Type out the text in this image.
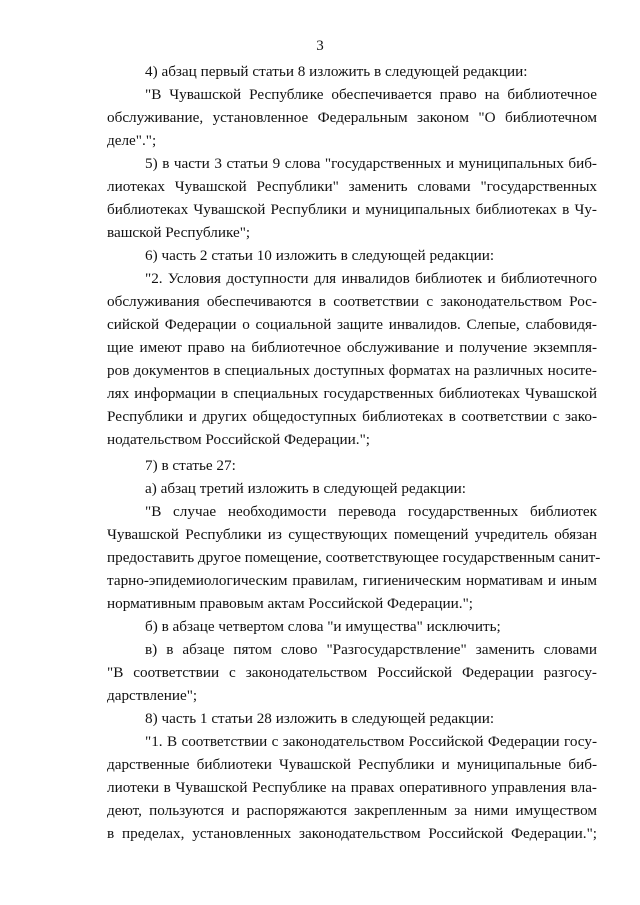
3
4) абзац первый статьи 8 изложить в следующей редакции:
"В Чувашской Республике обеспечивается право на библиотечное
обслуживание, установленное Федеральным законом "О библиотечном
деле".";
5) в части 3 статьи 9 слова "государственных и муниципальных биб-
лиотеках Чувашской Республики" заменить словами "государственных
библиотеках Чувашской Республики и муниципальных библиотеках в Чу-
вашской Республике";
6) часть 2 статьи 10 изложить в следующей редакции:
"2. Условия доступности для инвалидов библиотек и библиотечного
обслуживания обеспечиваются в соответствии с законодательством Рос-
сийской Федерации о социальной защите инвалидов. Слепые, слабовидя-
щие имеют право на библиотечное обслуживание и получение экземпля-
ров документов в специальных доступных форматах на различных носите-
лях информации в специальных государственных библиотеках Чувашской
Республики и других общедоступных библиотеках в соответствии с зако-
нодательством Российской Федерации.";
7) в статье 27:
а) абзац третий изложить в следующей редакции:
"В случае необходимости перевода государственных библиотек
Чувашской Республики из существующих помещений учредитель обязан
предоставить другое помещение, соответствующее государственным санит-
тарно-эпидемиологическим правилам, гигиеническим нормативам и иным
нормативным правовым актам Российской Федерации.";
б) в абзаце четвертом слова "и имущества" исключить;
в) в абзаце пятом слово "Разгосударствление" заменить словами
"В соответствии с законодательством Российской Федерации разгосу-
дарствление";
8) часть 1 статьи 28 изложить в следующей редакции:
"1. В соответствии с законодательством Российской Федерации госу-
дарственные библиотеки Чувашской Республики и муниципальные биб-
лиотеки в Чувашской Республике на правах оперативного управления вла-
деют, пользуются и распоряжаются закрепленным за ними имуществом
в пределах, установленных законодательством Российской Федерации.";
